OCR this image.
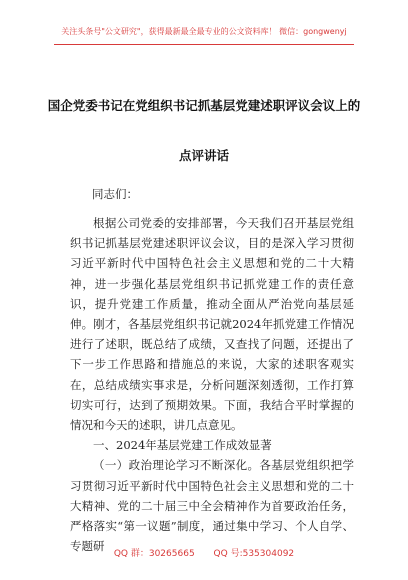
关注头条号"公文研究"，获得最新最全最专业的公文资料库！ 微信：gongwenyj
国企党委书记在党组织书记抓基层党建述职评议会议上的
点评讲话
同志们：

根据公司党委的安排部署，今天我们召开基层党组织书记抓基层党建述职评议会议，目的是深入学习贯彻习近平新时代中国特色社会主义思想和党的二十大精神，进一步强化基层党组织书记抓党建工作的责任意识，提升党建工作质量，推动全面从严治党向基层延伸。刚才，各基层党组织书记就2024年抓党建工作情况进行了述职，既总结了成绩，又查找了问题，还提出了下一步工作思路和措施总的来说，大家的述职客观实在，总结成绩实事求是，分析问题深刻透彻，工作打算切实可行，达到了预期效果。下面，我结合平时掌握的情况和今天的述职，讲几点意见。

一、2024年基层党建工作成效显著

（一）政治理论学习不断深化。各基层党组织把学习贯彻习近平新时代中国特色社会主义思想和党的二十大精神、党的二十届三中全会精神作为首要政治任务，严格落实“第一议题”制度，通过集中学习、个人自学、专题研

QQ 群：30265665 QQ 号:535304092
